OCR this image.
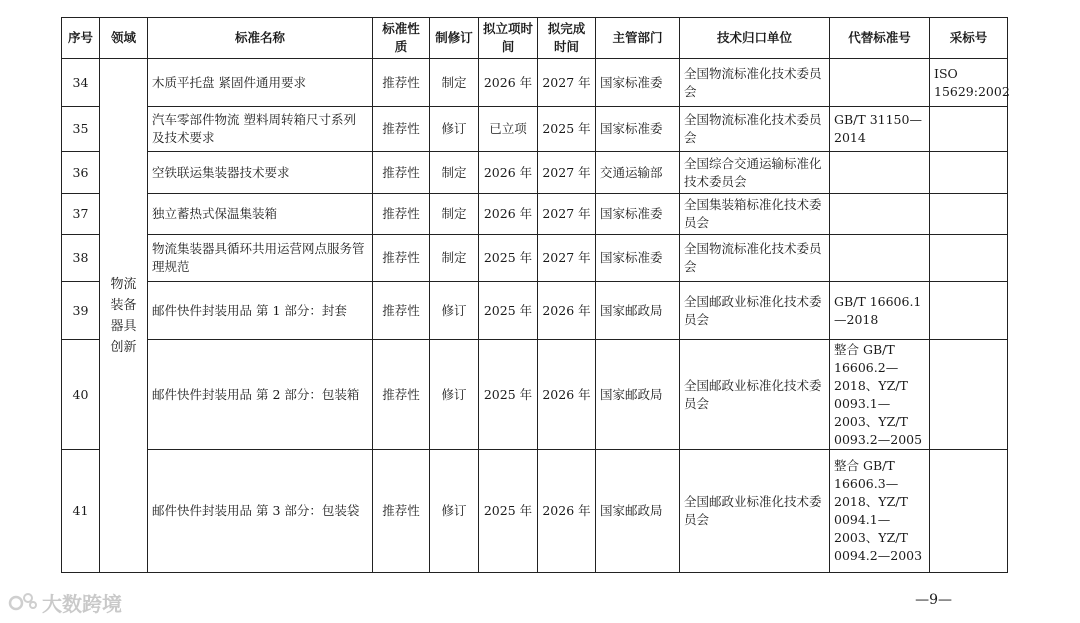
序号	领域	标准名称	标准性质	制修订	拟立项时间	拟完成时间	主管部门	技术归口单位	代替标准号	采标号
34	物流装备器具创新	木质平托盘 紧固件通用要求	推荐性	制定	2026 年	2027 年	国家标准委	全国物流标准化技术委员会		ISO 15629:2002
35		汽车零部件物流 塑料周转箱尺寸系列及技术要求	推荐性	修订	已立项	2025 年	国家标准委	全国物流标准化技术委员会	GB/T 31150—2014	
36		空铁联运集装器技术要求	推荐性	制定	2026 年	2027 年	交通运输部	全国综合交通运输标准化技术委员会		
37		独立蓄热式保温集装箱	推荐性	制定	2026 年	2027 年	国家标准委	全国集装箱标准化技术委员会		
38		物流集装器具循环共用运营网点服务管理规范	推荐性	制定	2025 年	2027 年	国家标准委	全国物流标准化技术委员会		
39		邮件快件封装用品 第 1 部分：封套	推荐性	修订	2025 年	2026 年	国家邮政局	全国邮政业标准化技术委员会	GB/T 16606.1—2018	
40		邮件快件封装用品 第 2 部分：包装箱	推荐性	修订	2025 年	2026 年	国家邮政局	全国邮政业标准化技术委员会	整合 GB/T 16606.2—2018、YZ/T 0093.1—2003、YZ/T 0093.2—2005	
41		邮件快件封装用品 第 3 部分：包装袋	推荐性	修订	2025 年	2026 年	国家邮政局	全国邮政业标准化技术委员会	整合 GB/T 16606.3—2018、YZ/T 0094.1—2003、YZ/T 0094.2—2003	
大数跨境	—9—
